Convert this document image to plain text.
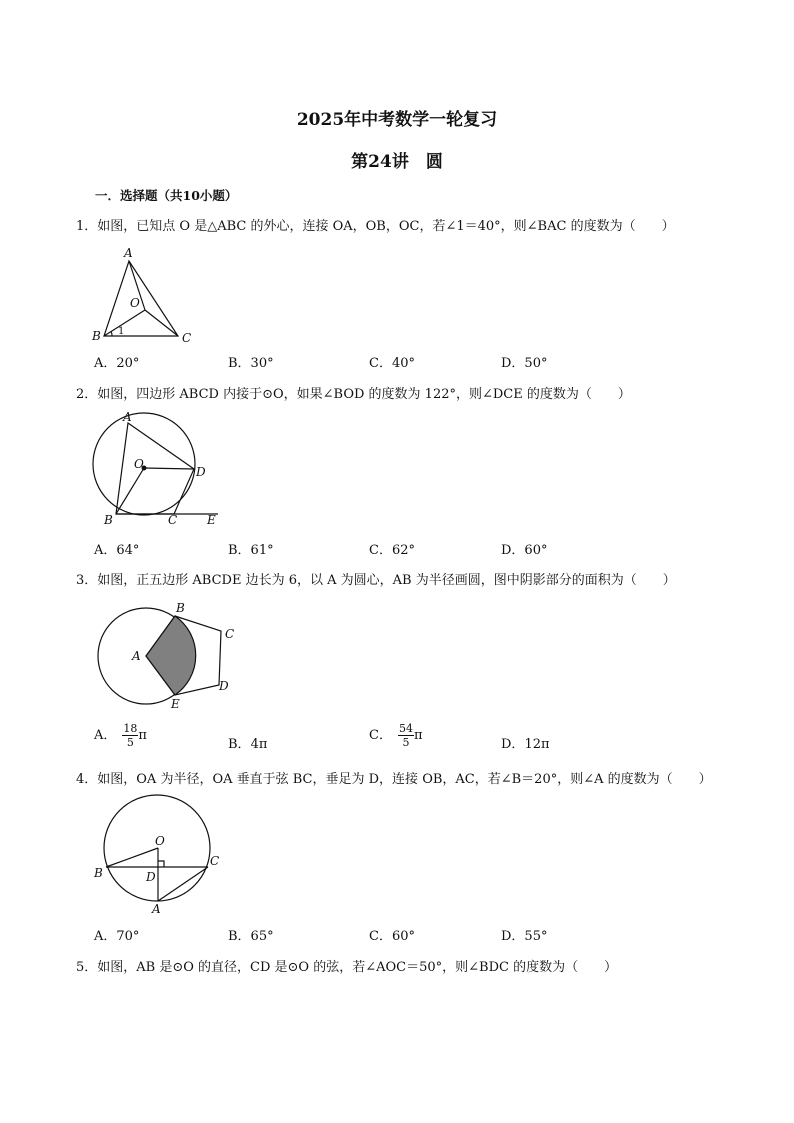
2025年中考数学一轮复习
第24讲　圆
一．选择题（共10小题）
1．如图，已知点 O 是△ABC 的外心，连接 OA，OB，OC，若∠1＝40°，则∠BAC 的度数为（　　）
A
O
B	C
1
A．20°	B．30°	C．40°	D．50°
2．如图，四边形 ABCD 内接于⊙O，如果∠BOD 的度数为 122°，则∠DCE 的度数为（　　）
A
O
D
B	C E
A．64°	B．61°	C．62°	D．60°
3．如图，正五边形 ABCDE 边长为 6，以 A 为圆心，AB 为半径画圆，图中阴影部分的面积为（　　）
B
C
A
D
E
A． $\frac{18}{5}$ π
B．4π
C． $\frac{54}{5}$ π
D．12π
4．如图，OA 为半径，OA 垂直于弦 BC，垂足为 D，连接 OB，AC，若∠B＝20°，则∠A 的度数为（　　）
O
B
C
D
A
A．70°	B．65°	C．60°	D．55°
5．如图，AB 是⊙O 的直径，CD 是⊙O 的弦，若∠AOC＝50°，则∠BDC 的度数为（　　）
